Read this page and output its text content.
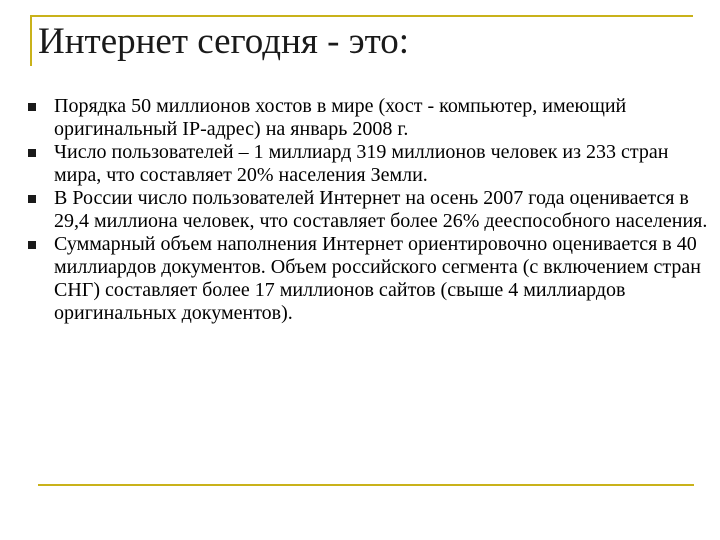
Интернет сегодня - это:
Порядка 50 миллионов хостов в мире (хост - компьютер, имеющий оригинальный IP-адрес) на январь 2008 г.
Число пользователей – 1 миллиард 319 миллионов человек из 233 стран мира, что составляет 20% населения Земли.
В России число пользователей Интернет на осень 2007 года оценивается в 29,4 миллиона человек, что составляет более 26% дееспособного населения.
Суммарный объем наполнения Интернет ориентировочно оценивается в 40 миллиардов документов. Объем российского сегмента (с включением стран СНГ) составляет более 17 миллионов сайтов (свыше 4 миллиардов оригинальных документов).
